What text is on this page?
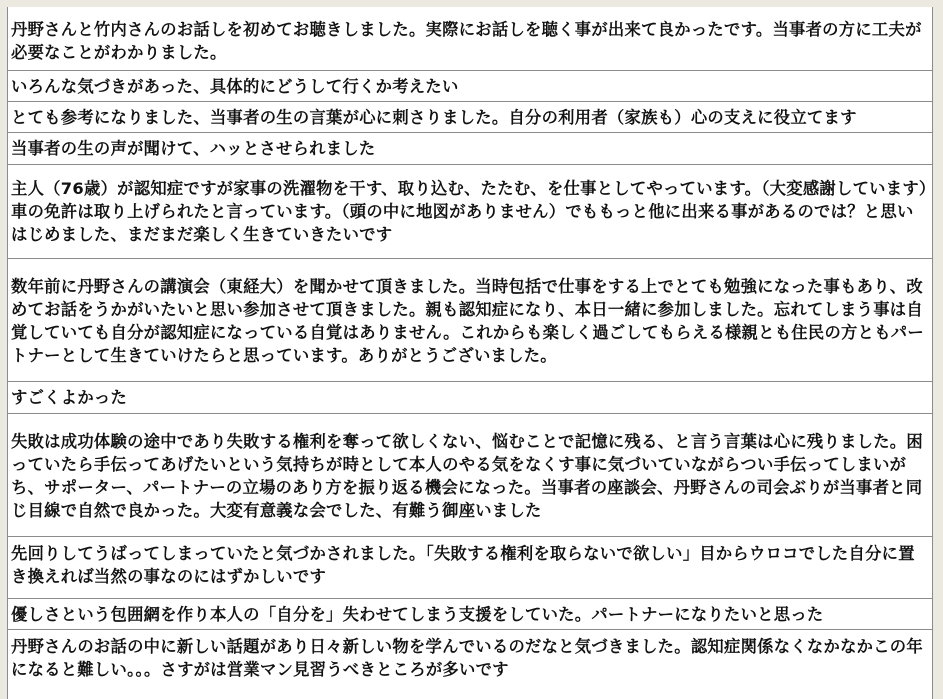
丹野さんと竹内さんのお話しを初めてお聴きしました。実際にお話しを聴く事が出来て良かったです。当事者の方に工夫が必要なことがわかりました。
いろんな気づきがあった、具体的にどうして行くか考えたい
とても参考になりました、当事者の生の言葉が心に刺さりました。自分の利用者（家族も）心の支えに役立てます
当事者の生の声が聞けて、ハッとさせられました
主人（76歳）が認知症ですが家事の洗濯物を干す、取り込む、たたむ、を仕事としてやっています。（大変感謝しています）車の免許は取り上げられたと言っています。（頭の中に地図がありません）でももっと他に出来る事があるのでは？と思いはじめました、まだまだ楽しく生きていきたいです
数年前に丹野さんの講演会（東経大）を聞かせて頂きました。当時包括で仕事をする上でとても勉強になった事もあり、改めてお話をうかがいたいと思い参加させて頂きました。親も認知症になり、本日一緒に参加しました。忘れてしまう事は自覚していても自分が認知症になっている自覚はありません。これからも楽しく過ごしてもらえる様親とも住民の方ともパートナーとして生きていけたらと思っています。ありがとうございました。
すごくよかった
失敗は成功体験の途中であり失敗する権利を奪って欲しくない、悩むことで記憶に残る、と言う言葉は心に残りました。困っていたら手伝ってあげたいという気持ちが時として本人のやる気をなくす事に気づいていながらつい手伝ってしまいがち、サポーター、パートナーの立場のあり方を振り返る機会になった。当事者の座談会、丹野さんの司会ぶりが当事者と同じ目線で自然で良かった。大変有意義な会でした、有難う御座いました
先回りしてうばってしまっていたと気づかされました。「失敗する権利を取らないで欲しい」目からウロコでした自分に置き換えれば当然の事なのにはずかしいです
優しさという包囲網を作り本人の「自分を」失わせてしまう支援をしていた。パートナーになりたいと思った
丹野さんのお話の中に新しい話題があり日々新しい物を学んでいるのだなと気づきました。認知症関係なくなかなかこの年になると難しい。。。さすがは営業マン見習うべきところが多いです
